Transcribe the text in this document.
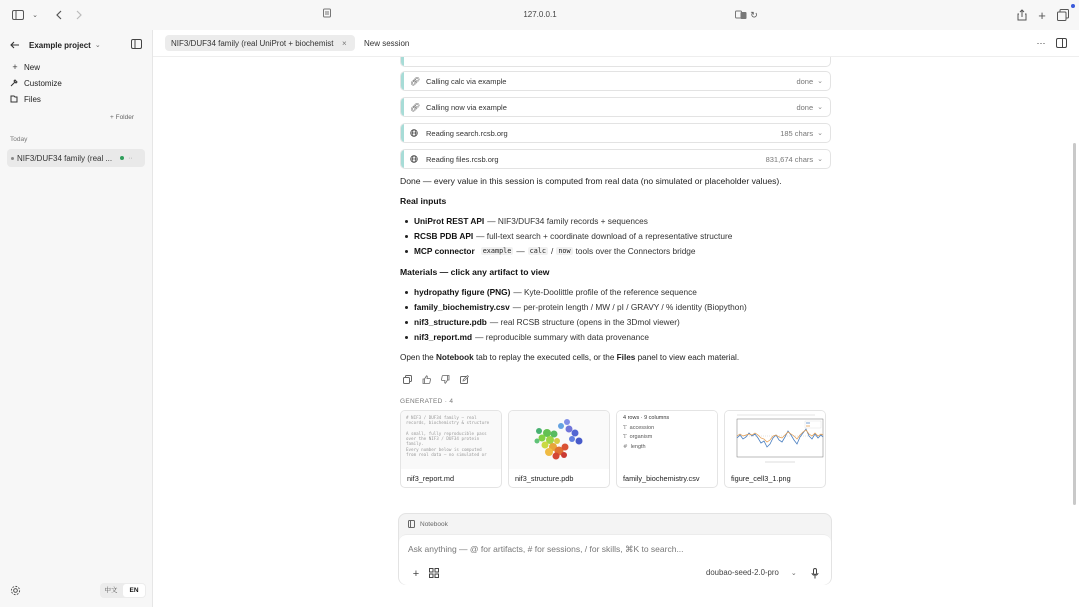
⌄	127.0.0.1	↻	+
Example project ⌄
+ New
Customize
Files
+ Folder
Today
NIF3/DUF34 family (real ... ··
中文	EN
NIF3/DUF34 family (real UniProt + biochemist	× New session	⋯
🔗︎ Calling calc via example	done ⌄
🔗︎ Calling now via example	done ⌄
Reading search.rcsb.org	185 chars ⌄
Reading files.rcsb.org	831,674 chars ⌄
Done — every value in this session is computed from real data (no simulated or placeholder values).
Real inputs
UniProt REST API — NIF3/DUF34 family records + sequences
RCSB PDB API — full-text search + coordinate download of a representative structure
MCP connector example — calc / now tools over the Connectors bridge
Materials — click any artifact to view
hydropathy figure (PNG) — Kyte-Doolittle profile of the reference sequence
family_biochemistry.csv — per-protein length / MW / pI / GRAVY / % identity (Biopython)
nif3_structure.pdb — real RCSB structure (opens in the 3Dmol viewer)
nif3_report.md — reproducible summary with data provenance
Open the Notebook tab to replay the executed cells, or the Files panel to view each material.
GENERATED · 4
# NIF3 / DUF34 family — real
records, biochemistry & structure

A small, fully reproducible pass
over the NIF3 / DUF34 protein
family.
Every number below is computed
from real data — no simulated or
nif3_report.md	nif3_structure.pdb
4 rows · 9 columns
T accession
T organism
# length
family_biochemistry.csv	figure_cell3_1.png
Notebook
Ask anything — @ for artifacts, # for sessions, / for skills, ⌘K to search...
+	doubao-seed-2.0-pro ⌄
